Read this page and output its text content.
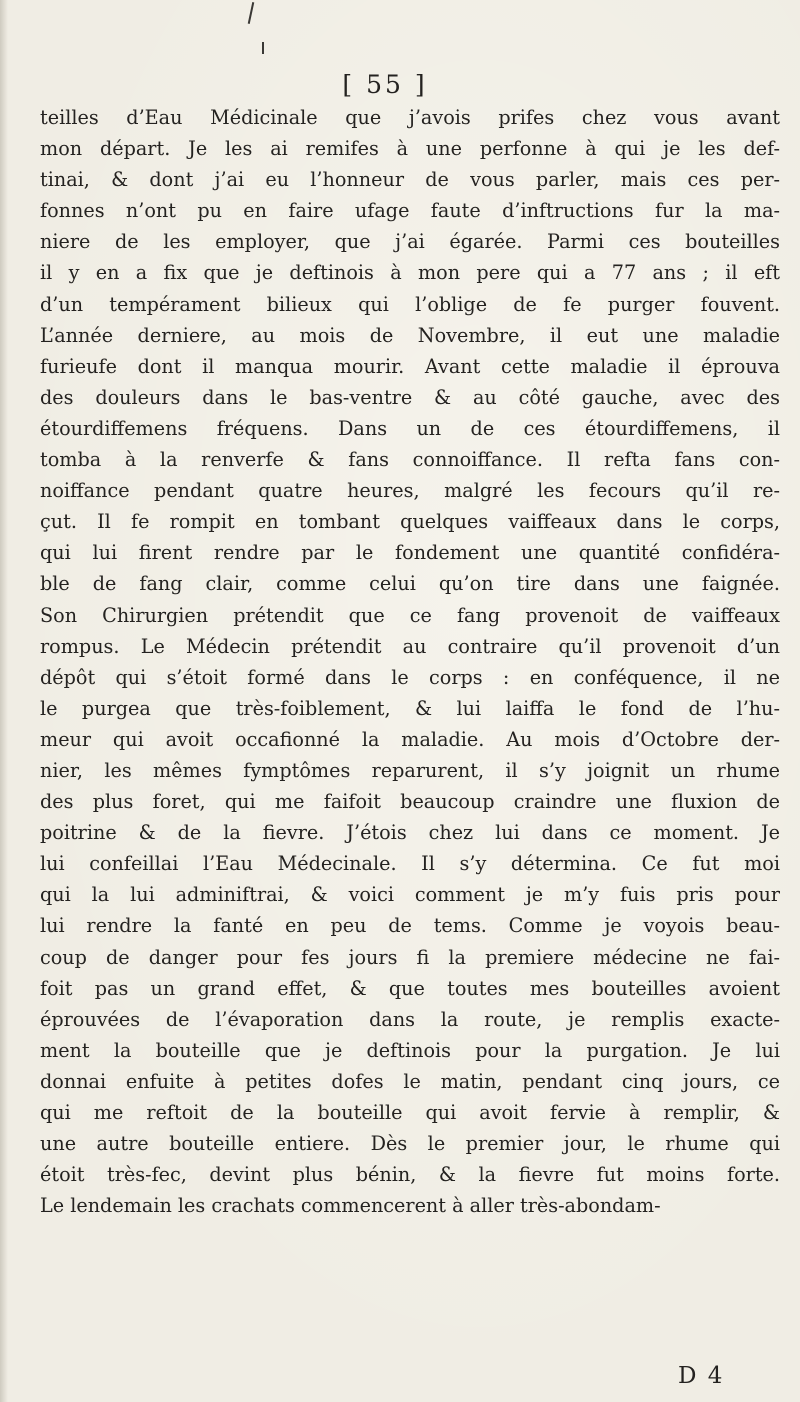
[ 55 ]
teilles d’Eau Médicinale que j’avois prifes chez vous avant
mon départ. Je les ai remifes à une perfonne à qui je les def-
tinai, & dont j’ai eu l’honneur de vous parler, mais ces per-
fonnes n’ont pu en faire ufage faute d’inftructions fur la ma-
niere de les employer, que j’ai égarée. Parmi ces bouteilles
il y en a fix que je deftinois à mon pere qui a 77 ans ; il eft
d’un tempérament bilieux qui l’oblige de fe purger fouvent.
L’année derniere, au mois de Novembre, il eut une maladie
furieufe dont il manqua mourir. Avant cette maladie il éprouva
des douleurs dans le bas-ventre & au côté gauche, avec des
étourdiffemens fréquens. Dans un de ces étourdiffemens, il
tomba à la renverfe & fans connoiffance. Il refta fans con-
noiffance pendant quatre heures, malgré les fecours qu’il re-
çut. Il fe rompit en tombant quelques vaiffeaux dans le corps,
qui lui firent rendre par le fondement une quantité confidéra-
ble de fang clair, comme celui qu’on tire dans une faignée.
Son Chirurgien prétendit que ce fang provenoit de vaiffeaux
rompus. Le Médecin prétendit au contraire qu’il provenoit d’un
dépôt qui s’étoit formé dans le corps : en conféquence, il ne
le purgea que très-foiblement, & lui laiffa le fond de l’hu-
meur qui avoit occafionné la maladie. Au mois d’Octobre der-
nier, les mêmes fymptômes reparurent, il s’y joignit un rhume
des plus foret, qui me faifoit beaucoup craindre une fluxion de
poitrine & de la fievre. J’étois chez lui dans ce moment. Je
lui confeillai l’Eau Médecinale. Il s’y détermina. Ce fut moi
qui la lui adminiftrai, & voici comment je m’y fuis pris pour
lui rendre la fanté en peu de tems. Comme je voyois beau-
coup de danger pour fes jours fi la premiere médecine ne fai-
foit pas un grand effet, & que toutes mes bouteilles avoient
éprouvées de l’évaporation dans la route, je remplis exacte-
ment la bouteille que je deftinois pour la purgation. Je lui
donnai enfuite à petites dofes le matin, pendant cinq jours, ce
qui me reftoit de la bouteille qui avoit fervie à remplir, &
une autre bouteille entiere. Dès le premier jour, le rhume qui
étoit très-fec, devint plus bénin, & la fievre fut moins forte.
Le lendemain les crachats commencerent à aller très-abondam-
D 4
